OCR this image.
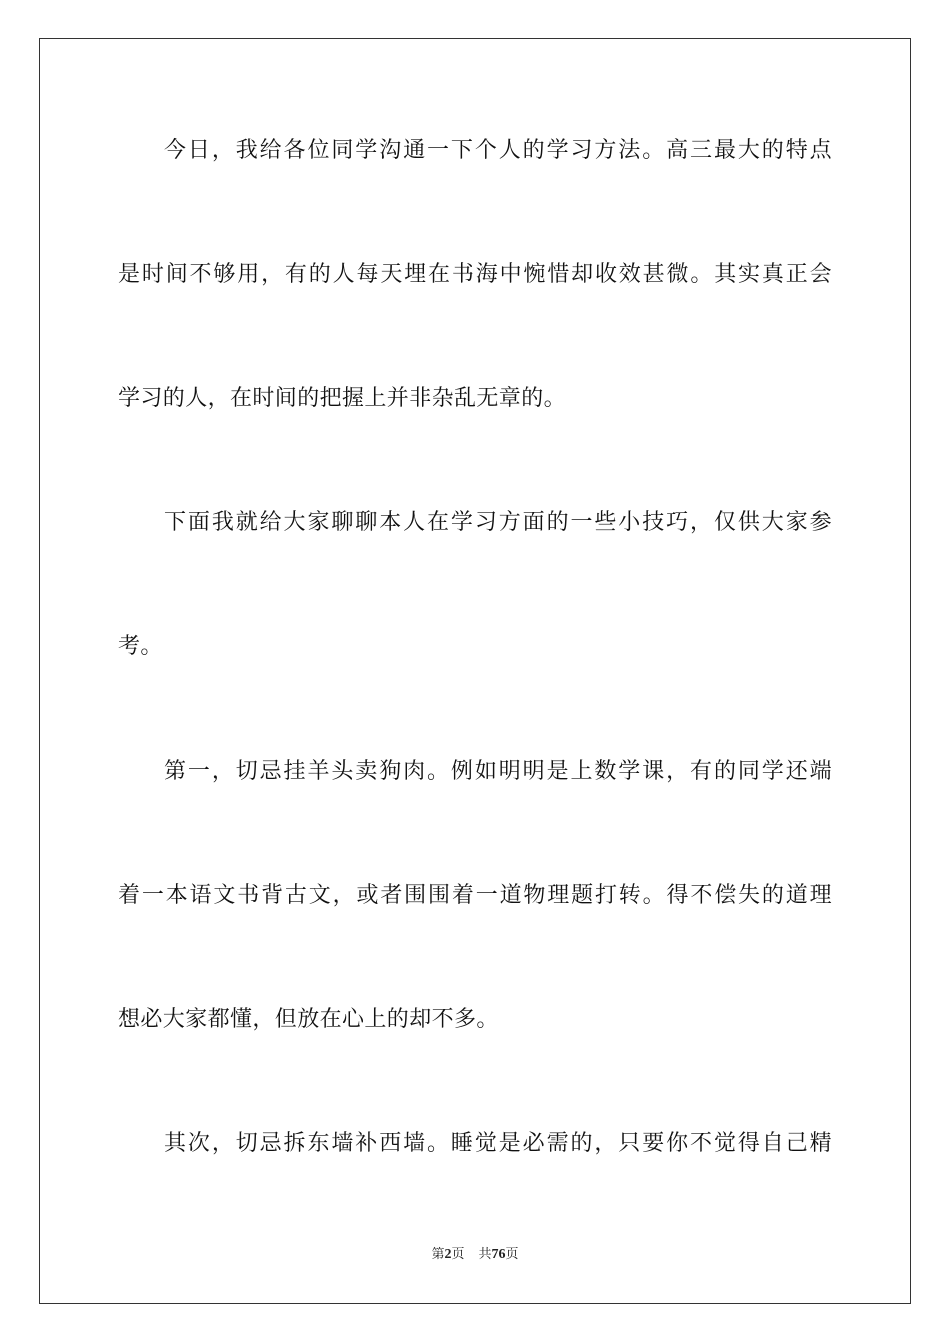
今日，我给各位同学沟通一下个人的学习方法。高三最大的特点
是时间不够用，有的人每天埋在书海中惋惜却收效甚微。其实真正会
学习的人，在时间的把握上并非杂乱无章的。
下面我就给大家聊聊本人在学习方面的一些小技巧，仅供大家参
考。
第一，切忌挂羊头卖狗肉。例如明明是上数学课，有的同学还端
着一本语文书背古文，或者围围着一道物理题打转。得不偿失的道理
想必大家都懂，但放在心上的却不多。
其次，切忌拆东墙补西墙。睡觉是必需的，只要你不觉得自己精
第2页 共76页
